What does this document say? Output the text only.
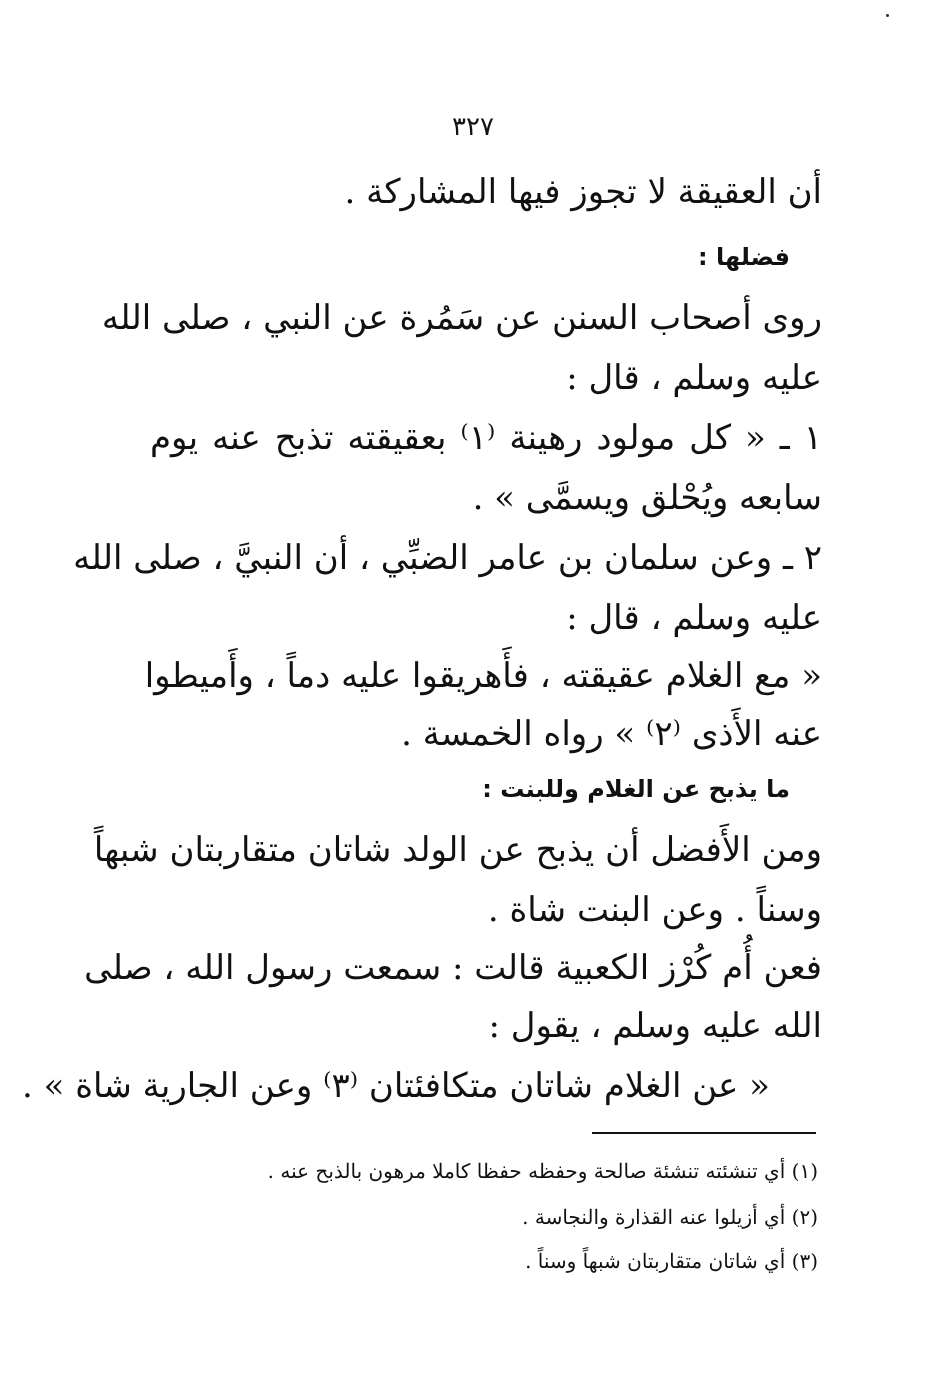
٣٢٧
أن العقيقة لا تجوز فيها المشاركة .
فضلها :
روى أصحاب السنن عن سَمُرة عن النبي ، صلى الله
عليه وسلم ، قال :
١ ـ « كل مولود رهينة ⁽١⁾ بعقيقته تذبح عنه يوم
سابعه ويُحْلق ويسمَّى » .
٢ ـ وعن سلمان بن عامر الضبِّي ، أن النبيَّ ، صلى الله
عليه وسلم ، قال :
« مع الغلام عقيقته ، فأَهريقوا عليه دماً ، وأَميطوا
عنه الأَذى ⁽٢⁾ » رواه الخمسة .
ما يذبح عن الغلام وللبنت :
ومن الأَفضل أن يذبح عن الولد شاتان متقاربتان شبهاً
وسناً . وعن البنت شاة .
فعن أُم كُرْز الكعبية قالت : سمعت رسول الله ، صلى
الله عليه وسلم ، يقول :
« عن الغلام شاتان متكافئتان ⁽٣⁾ وعن الجارية شاة » .
(١) أي تنشئته تنشئة صالحة وحفظه حفظا كاملا مرهون بالذبح عنه .
(٢) أي أزيلوا عنه القذارة والنجاسة .
(٣) أي شاتان متقاربتان شبهاً وسناً .
